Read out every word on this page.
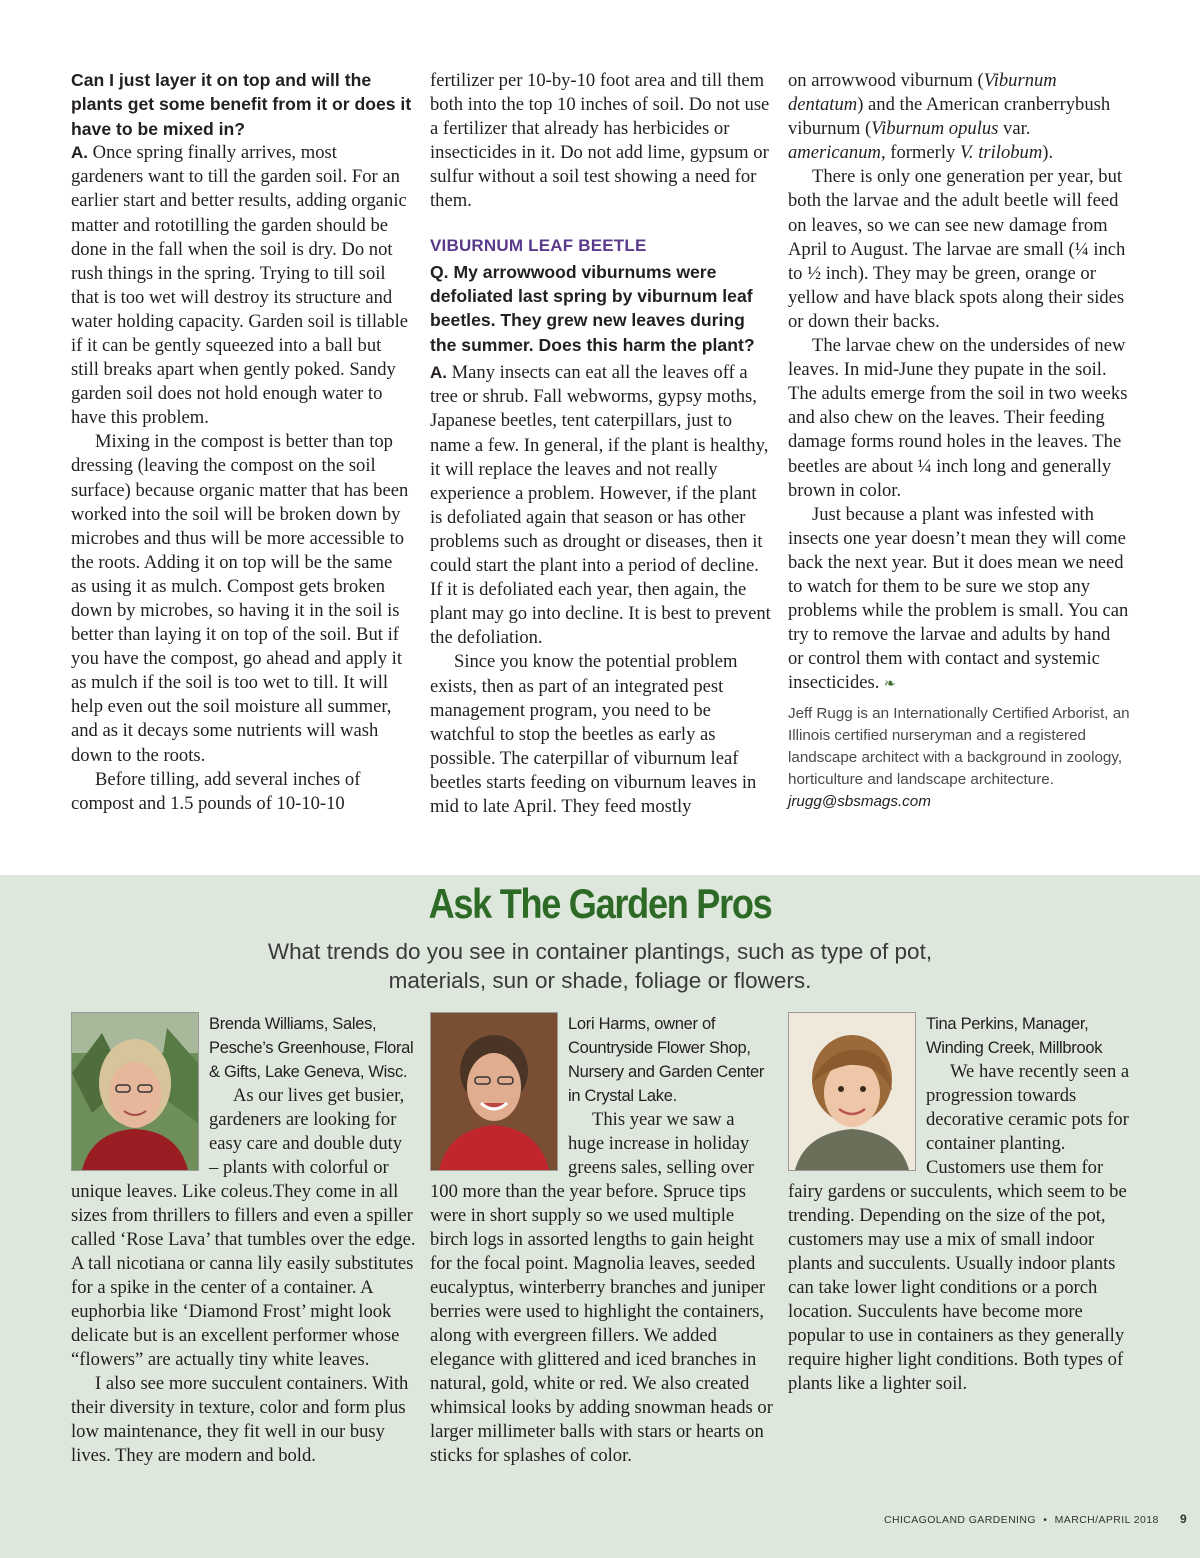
Can I just layer it on top and will the plants get some benefit from it or does it have to be mixed in?

A. Once spring finally arrives, most gardeners want to till the garden soil. For an earlier start and better results, adding organic matter and rototilling the garden should be done in the fall when the soil is dry. Do not rush things in the spring. Trying to till soil that is too wet will destroy its structure and water holding capacity. Garden soil is tillable if it can be gently squeezed into a ball but still breaks apart when gently poked. Sandy garden soil does not hold enough water to have this problem.

Mixing in the compost is better than top dressing (leaving the compost on the soil surface) because organic matter that has been worked into the soil will be broken down by microbes and thus will be more accessible to the roots. Adding it on top will be the same as using it as mulch. Compost gets broken down by microbes, so having it in the soil is better than laying it on top of the soil. But if you have the compost, go ahead and apply it as mulch if the soil is too wet to till. It will help even out the soil moisture all summer, and as it decays some nutrients will wash down to the roots.

Before tilling, add several inches of compost and 1.5 pounds of 10-10-10

fertilizer per 10-by-10 foot area and till them both into the top 10 inches of soil. Do not use a fertilizer that already has herbicides or insecticides in it. Do not add lime, gypsum or sulfur without a soil test showing a need for them.

VIBURNUM LEAF BEETLE

Q. My arrowwood viburnums were defoliated last spring by viburnum leaf beetles. They grew new leaves during the summer. Does this harm the plant?

A. Many insects can eat all the leaves off a tree or shrub. Fall webworms, gypsy moths, Japanese beetles, tent caterpillars, just to name a few. In general, if the plant is healthy, it will replace the leaves and not really experience a problem. However, if the plant is defoliated again that season or has other problems such as drought or diseases, then it could start the plant into a period of decline. If it is defoliated each year, then again, the plant may go into decline. It is best to prevent the defoliation.

Since you know the potential problem exists, then as part of an integrated pest management program, you need to be watchful to stop the beetles as early as possible. The caterpillar of viburnum leaf beetles starts feeding on viburnum leaves in mid to late April. They feed mostly

on arrowwood viburnum (Viburnum dentatum) and the American cranberrybush viburnum (Viburnum opulus var. americanum, formerly V. trilobum).

There is only one generation per year, but both the larvae and the adult beetle will feed on leaves, so we can see new damage from April to August. The larvae are small (¼ inch to ½ inch). They may be green, orange or yellow and have black spots along their sides or down their backs.

The larvae chew on the undersides of new leaves. In mid-June they pupate in the soil. The adults emerge from the soil in two weeks and also chew on the leaves. Their feeding damage forms round holes in the leaves. The beetles are about ¼ inch long and generally brown in color.

Just because a plant was infested with insects one year doesn’t mean they will come back the next year. But it does mean we need to watch for them to be sure we stop any problems while the problem is small. You can try to remove the larvae and adults by hand or control them with contact and systemic insecticides. ❧

Jeff Rugg is an Internationally Certified Arborist, an Illinois certified nurseryman and a registered landscape architect with a background in zoology, horticulture and landscape architecture. jrugg@sbsmags.com

Ask The Garden Pros
What trends do you see in container plantings, such as type of pot, materials, sun or shade, foliage or flowers.

Brenda Williams, Sales, Pesche’s Greenhouse, Floral & Gifts, Lake Geneva, Wisc.

As our lives get busier, gardeners are looking for easy care and double duty – plants with colorful or unique leaves. Like coleus.They come in all sizes from thrillers to fillers and even a spiller called ‘Rose Lava’ that tumbles over the edge. A tall nicotiana or canna lily easily substitutes for a spike in the center of a container. A euphorbia like ‘Diamond Frost’ might look delicate but is an excellent performer whose “flowers” are actually tiny white leaves.

I also see more succulent containers. With their diversity in texture, color and form plus low maintenance, they fit well in our busy lives. They are modern and bold.

Lori Harms, owner of Countryside Flower Shop, Nursery and Garden Center in Crystal Lake.

This year we saw a huge increase in holiday greens sales, selling over 100 more than the year before. Spruce tips were in short supply so we used multiple birch logs in assorted lengths to gain height for the focal point. Magnolia leaves, seeded eucalyptus, winterberry branches and juniper berries were used to highlight the containers, along with evergreen fillers. We added elegance with glittered and iced branches in natural, gold, white or red. We also created whimsical looks by adding snowman heads or larger millimeter balls with stars or hearts on sticks for splashes of color.

Tina Perkins, Manager, Winding Creek, Millbrook

We have recently seen a progression towards decorative ceramic pots for container planting. Customers use them for fairy gardens or succulents, which seem to be trending. Depending on the size of the pot, customers may use a mix of small indoor plants and succulents. Usually indoor plants can take lower light conditions or a porch location. Succulents have become more popular to use in containers as they generally require higher light conditions. Both types of plants like a lighter soil.

CHICAGOLAND GARDENING • MARCH/APRIL 2018 9
